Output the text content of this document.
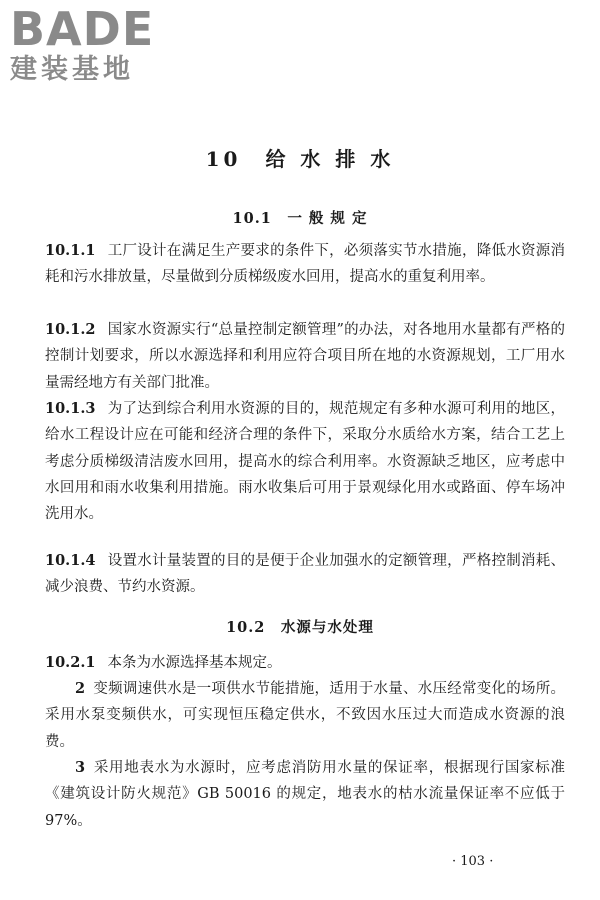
BADE
建装基地
10　给 水 排 水
10.1　一 般 规 定
10.1.1 工厂设计在满足生产要求的条件下，必须落实节水措施，降低水资源消耗和污水排放量，尽量做到分质梯级废水回用，提高水的重复利用率。
10.1.2 国家水资源实行“总量控制定额管理”的办法，对各地用水量都有严格的控制计划要求，所以水源选择和利用应符合项目所在地的水资源规划，工厂用水量需经地方有关部门批准。
10.1.3 为了达到综合利用水资源的目的，规范规定有多种水源可利用的地区，给水工程设计应在可能和经济合理的条件下，采取分水质给水方案，结合工艺上考虑分质梯级清洁废水回用，提高水的综合利用率。水资源缺乏地区，应考虑中水回用和雨水收集利用措施。雨水收集后可用于景观绿化用水或路面、停车场冲洗用水。
10.1.4 设置水计量装置的目的是便于企业加强水的定额管理，严格控制消耗、减少浪费、节约水资源。
10.2　水源与水处理
10.2.1 本条为水源选择基本规定。
2 变频调速供水是一项供水节能措施，适用于水量、水压经常变化的场所。采用水泵变频供水，可实现恒压稳定供水，不致因水压过大而造成水资源的浪费。
3 采用地表水为水源时，应考虑消防用水量的保证率，根据现行国家标准《建筑设计防火规范》GB 50016 的规定，地表水的枯水流量保证率不应低于 97%。
· 103 ·
